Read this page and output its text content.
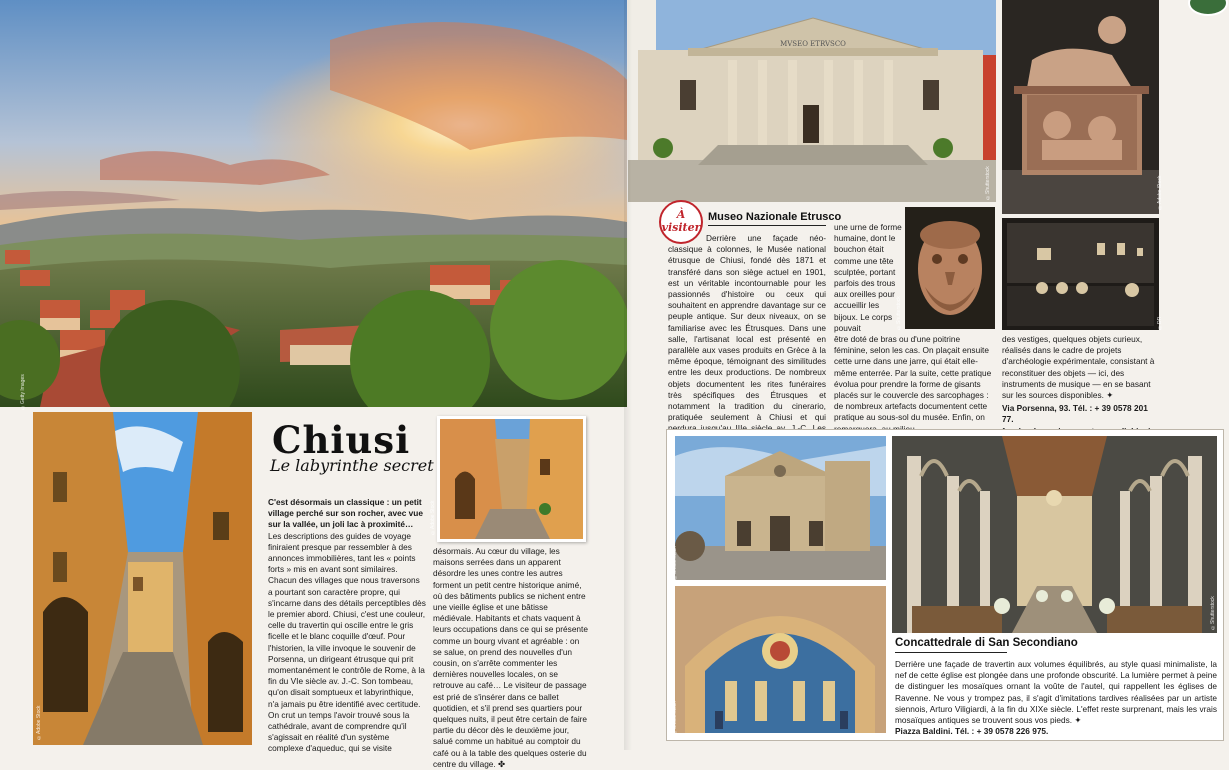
©Getty Images
©Adobe Stock
Chiusi
Le labyrinthe secret
©Adobe Stock

C'est désormais un classique : un petit village perché sur son rocher, avec vue sur la vallée, un joli lac à proximité… Les descriptions des guides de voyage finiraient presque par ressembler à des annonces immobilières, tant les « points forts » mis en avant sont similaires. Chacun des villages que nous traversons a pourtant son caractère propre, qui s'incarne dans des détails perceptibles dès le premier abord. Chiusi, c'est une couleur, celle du travertin qui oscille entre le gris ficelle et le blanc coquille d'œuf. Pour l'historien, la ville invoque le souvenir de Porsenna, un dirigeant étrusque qui prit momentanément le contrôle de Rome, à la fin du VIe siècle av. J.-C. Son tombeau, qu'on disait somptueux et labyrinthique, n'a jamais pu être identifié avec certitude. On crut un temps l'avoir trouvé sous la cathédrale, avant de comprendre qu'il s'agissait en réalité d'un système complexe d'aqueduc, qui se visite

désormais. Au cœur du village, les maisons serrées dans un apparent désordre les unes contre les autres forment un petit centre historique animé, où des bâtiments publics se nichent entre une vieille église et une bâtisse médiévale. Habitants et chats vaquent à leurs occupations dans ce qui se présente comme un bourg vivant et agréable : on se salue, on prend des nouvelles d'un cousin, on s'arrête commenter les dernières nouvelles locales, on se retrouve au café… Le visiteur de passage est prié de s'insérer dans ce ballet quotidien, et s'il prend ses quartiers pour quelques nuits, il peut être certain de faire partie du décor dès le deuxième jour, salué comme un habitué au comptoir du café ou à la table des quelques osterie du centre du village. ✤

MVSEO ETRVSCO
©Shutterstock	©Adobe Stock
©DR
©Shutterstock
À
visiter
Museo Nazionale Etrusco

Derrière une façade néo-classique à colonnes, le Musée national étrusque de Chiusi, fondé dès 1871 et transféré dans son siège actuel en 1901, est un véritable incontournable pour les passionnés d'histoire ou ceux qui souhaitent en apprendre davantage sur ce peuple antique. Sur deux niveaux, on se familiarise avec les Étrusques. Dans une salle, l'artisanat local est présenté en parallèle aux vases produits en Grèce à la même époque, témoignant des similitudes entre les deux productions. De nombreux objets documentent les rites funéraires très spécifiques des Étrusques et notamment la tradition du cinerario, pratiquée seulement à Chiusi et qui

une urne de forme humaine, dont le bouchon était comme une tête sculptée, portant parfois des trous aux oreilles pour accueillir les bijoux. Le corps pouvait

être doté de bras ou d'une poitrine féminine, selon les cas. On plaçait ensuite cette urne dans une jarre, qui était elle-même enterrée. Par la suite, cette pratique évolua pour prendre la forme de gisants placés sur le couvercle des sarcophages : de nombreux artefacts documentent cette pratique au sous-sol du musée. Enfin, on

des vestiges, quelques objets curieux, réalisés dans le cadre de projets d'archéologie expérimentale, consistant à reconstituer des objets — ici, des instruments de musique — en se basant sur les sources disponibles. ✦

Via Porsenna, 93. Tél. : + 39 0578 201 77.

©Shutterstock
©Shutterstock
©Shutterstock
Concattedrale di San Secondiano

Derrière une façade de travertin aux volumes équilibrés, au style quasi minimaliste, la nef de cette église est plongée dans une profonde obscurité. La lumière permet à peine de distinguer les mosaïques ornant la voûte de l'autel, qui rappellent les églises de Ravenne. Ne vous y trompez pas, il s'agit d'imitations tardives réalisées par un artiste siennois, Arturo Viligiardi, à la fin du XIXe siècle. L'effet reste surprenant, mais les vrais mosaïques antiques se trouvent sous vos pieds. ✦

Piazza Baldini. Tél. : + 39 0578 226 975.
